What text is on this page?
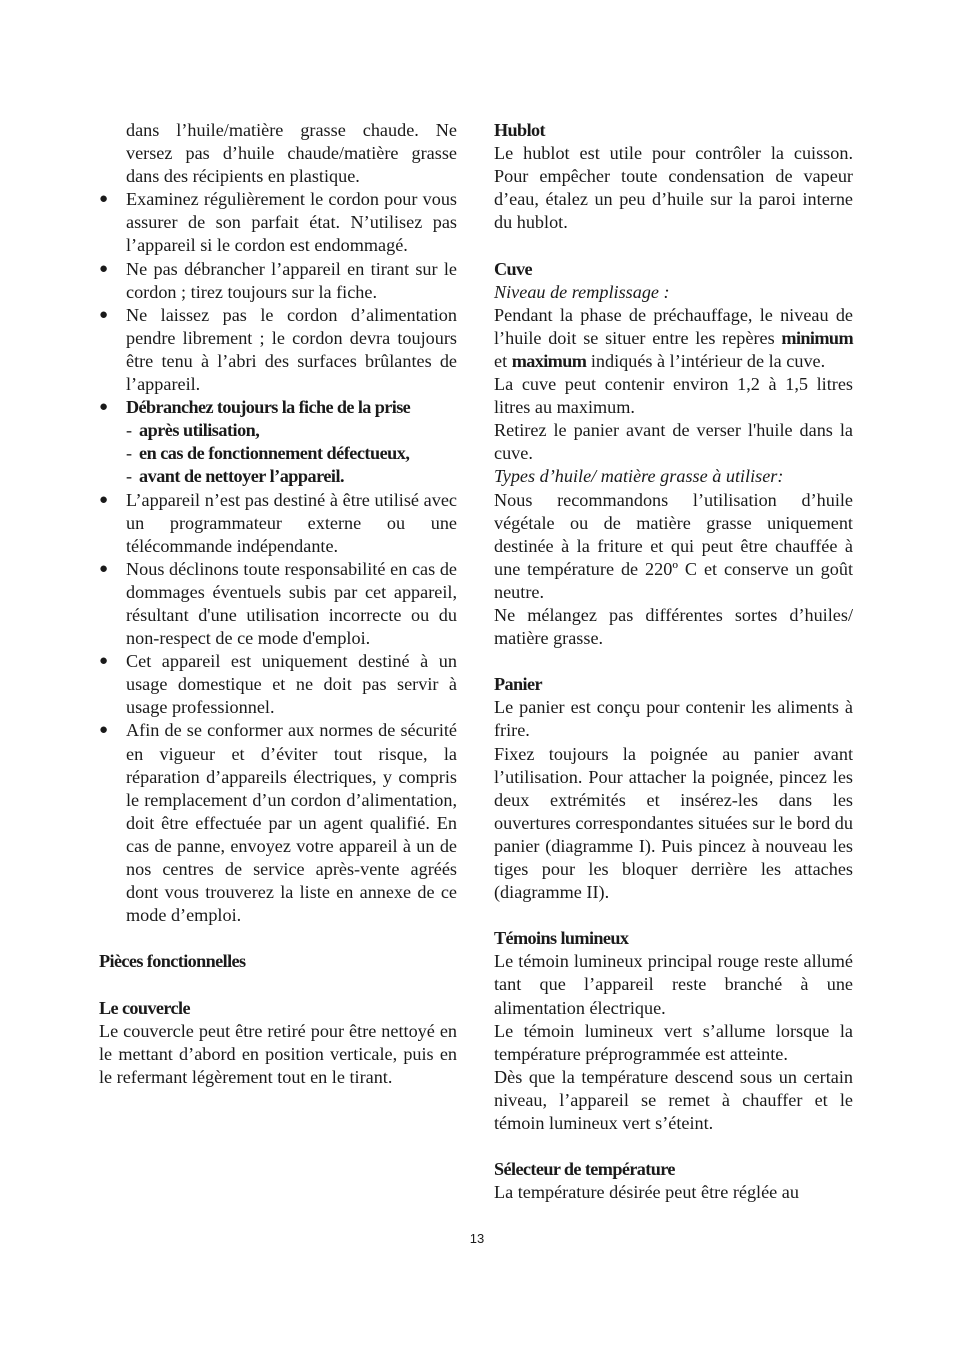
dans l’huile/matière grasse chaude. Ne versez pas d’huile chaude/matière grasse dans des récipients en plastique.

● Examinez régulièrement le cordon pour vous assurer de son parfait état. N’utilisez pas l’appareil si le cordon est endommagé.

● Ne pas débrancher l’appareil en tirant sur le cordon ; tirez toujours sur la fiche.

● Ne laissez pas le cordon d’alimentation pendre librement ; le cordon devra toujours être tenu à l’abri des surfaces brûlantes de l’appareil.

● Débranchez toujours la fiche de la prise

- après utilisation,

- en cas de fonctionnement défectueux,

- avant de nettoyer l’appareil.

● L’appareil n’est pas destiné à être utilisé avec un programmateur externe ou une télécommande indépendante.

● Nous déclinons toute responsabilité en cas de dommages éventuels subis par cet appareil, résultant d'une utilisation incorrecte ou du non-respect de ce mode d'emploi.

● Cet appareil est uniquement destiné à un usage domestique et ne doit pas servir à usage professionnel.

● Afin de se conformer aux normes de sécurité en vigueur et d’éviter tout risque, la réparation d’appareils électriques, y compris le remplacement d’un cordon d’alimentation, doit être effectuée par un agent qualifié. En cas de panne, envoyez votre appareil à un de nos centres de service après-vente agréés dont vous trouverez la liste en annexe de ce mode d’emploi.

Pièces fonctionnelles

Le couvercle

Le couvercle peut être retiré pour être nettoyé en le mettant d’abord en position verticale, puis en le refermant légèrement tout en le tirant.

Hublot

Le hublot est utile pour contrôler la cuisson. Pour empêcher toute condensation de vapeur d’eau, étalez un peu d’huile sur la paroi interne du hublot.

Cuve

Niveau de remplissage :

Pendant la phase de préchauffage, le niveau de l’huile doit se situer entre les repères minimum et maximum indiqués à l’intérieur de la cuve.

La cuve peut contenir environ 1,2 à 1,5 litres litres au maximum.

Retirez le panier avant de verser l'huile dans la cuve.

Types d’huile/ matière grasse à utiliser:

Nous recommandons l’utilisation d’huile végétale ou de matière grasse uniquement destinée à la friture et qui peut être chauffée à une température de 220º C et conserve un goût neutre.

Ne mélangez pas différentes sortes d’huiles/ matière grasse.

Panier

Le panier est conçu pour contenir les aliments à frire.

Fixez toujours la poignée au panier avant l’utilisation. Pour attacher la poignée, pincez les deux extrémités et insérez-les dans les ouvertures correspondantes situées sur le bord du panier (diagramme I). Puis pincez à nouveau les tiges pour les bloquer derrière les attaches (diagramme II).

Témoins lumineux

Le témoin lumineux principal rouge reste allumé tant que l’appareil reste branché à une alimentation électrique.

Le témoin lumineux vert s’allume lorsque la température préprogrammée est atteinte.

Dès que la température descend sous un certain niveau, l’appareil se remet à chauffer et le témoin lumineux vert s’éteint.

Sélecteur de température

La température désirée peut être réglée au

13
